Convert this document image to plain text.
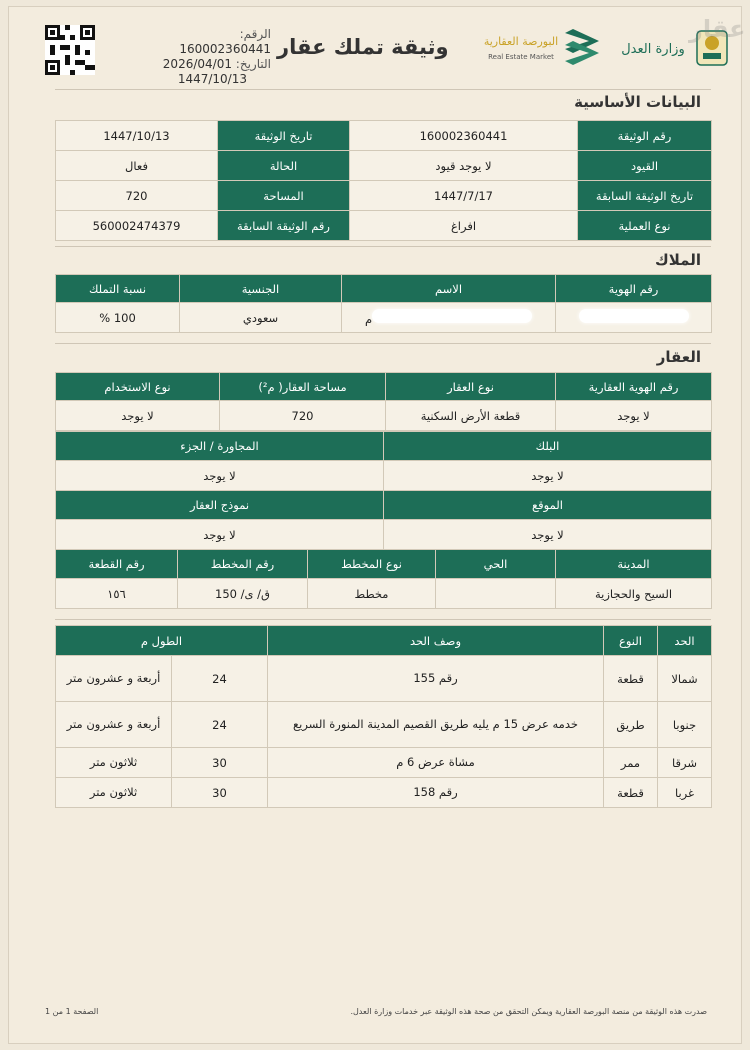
وزارة العدل
البورصة العقارية
Real Estate Market
وثيقة تملك عقار
الرقم: 160002360441
التاريخ: 2026/04/01
1447/10/13
عقار
البيانات الأساسية
رقم الوثيقة	160002360441	تاريخ الوثيقة	1447/10/13
القيود	لا يوجد قيود	الحالة	فعال
تاريخ الوثيقة السابقة	1447/7/17	المساحة	720
نوع العملية	افراغ	رقم الوثيقة السابقة	560002474379
الملاك
رقم الهوية	الاسم	الجنسية	نسبة التملك
	م	سعودي	100 %
العقار
رقم الهوية العقارية	نوع العقار	مساحة العقار( م²)	نوع الاستخدام
لا يوجد	قطعة الأرض السكنية	720	لا يوجد
البلك	المجاورة / الجزء
لا يوجد	لا يوجد
الموقع	نموذج العقار
لا يوجد	لا يوجد
المدينة	الحي	نوع المخطط	رقم المخطط	رقم القطعة
السيح والحجازية		مخطط	ق/ ى/ 150	١٥٦
الحد	النوع	وصف الحد	الطول م	
شمالا	قطعة	رقم 155	24	أربعة و عشرون متر
جنوبا	طريق	خدمه عرض 15 م يليه طريق القصيم المدينة المنورة السريع	24	أربعة و عشرون متر
شرقا	ممر	مشاة عرض 6 م	30	ثلاثون متر
غربا	قطعة	رقم 158	30	ثلاثون متر
صدرت هذه الوثيقة من منصة البورصة العقارية ويمكن التحقق من صحة هذه الوثيقة عبر خدمات وزارة العدل.
الصفحة 1 من 1
